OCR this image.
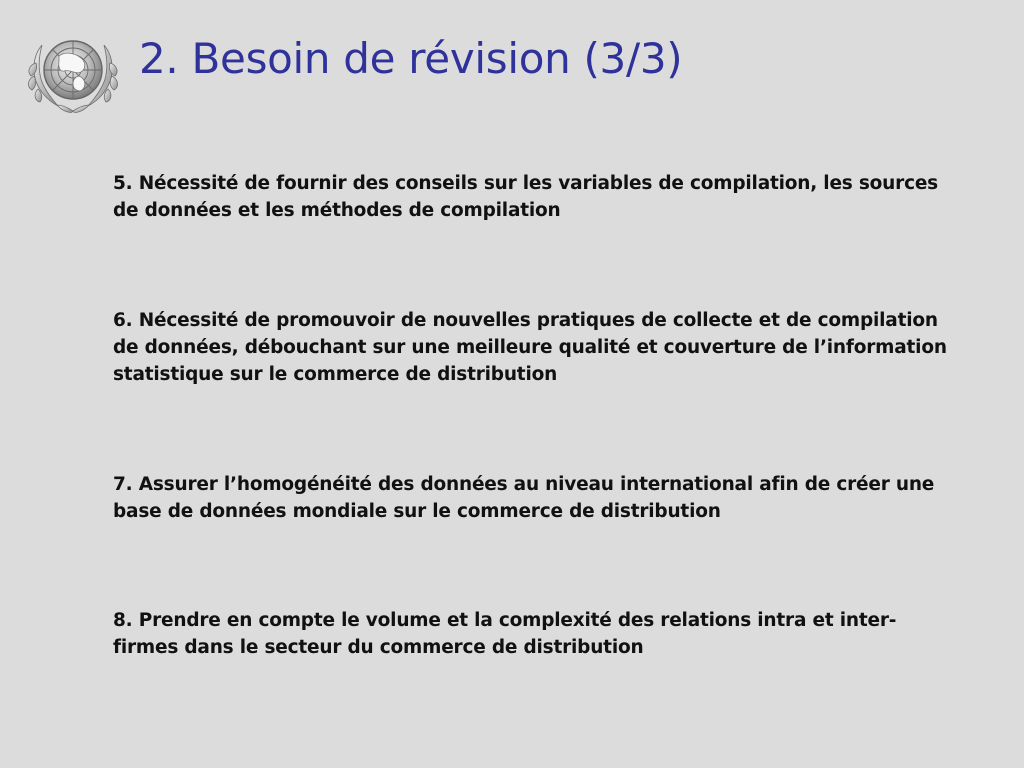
2. Besoin de révision (3/3)

5. Nécessité de fournir des conseils sur les variables de compilation, les sources de données et les méthodes de compilation

6. Nécessité de promouvoir de nouvelles pratiques de collecte et de compilation de données, débouchant sur une meilleure qualité et couverture de l’information statistique sur le commerce de distribution

7. Assurer l’homogénéité des données au niveau international afin de créer une base de données mondiale sur le commerce de distribution

8. Prendre en compte le volume et la complexité des relations intra et inter-firmes dans le secteur du commerce de distribution
